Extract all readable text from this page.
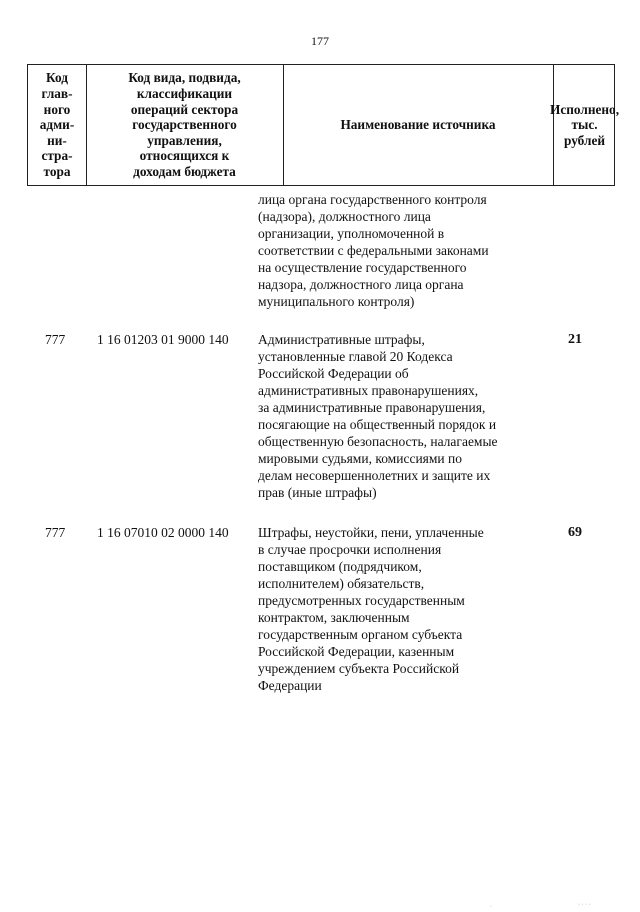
177
Код
глав-
ного
адми-
ни-
стра-
тора
Код вида, подвида,
классификации
операций сектора
государственного
управления,
относящихся к
доходам бюджета
Наименование источника
Исполнено,
тыс. рублей

лица органа государственного контроля
(надзора), должностного лица
организации, уполномоченной в
соответствии с федеральными законами
на осуществление государственного
надзора, должностного лица органа
муниципального контроля)

777 1 16 01203 01 9000 140 Административные штрафы,
установленные главой 20 Кодекса
Российской Федерации об
административных правонарушениях,
за административные правонарушения,
посягающие на общественный порядок и
общественную безопасность, налагаемые
мировыми судьями, комиссиями по
делам несовершеннолетних и защите их
прав (иные штрафы)

21
777 1 16 07010 02 0000 140 Штрафы, неустойки, пени, уплаченные
в случае просрочки исполнения
поставщиком (подрядчиком,
исполнителем) обязательств,
предусмотренных государственным
контрактом, заключенным
государственным органом субъекта
Российской Федерации, казенным
учреждением субъекта Российской
Федерации

69
· · · ·
·
